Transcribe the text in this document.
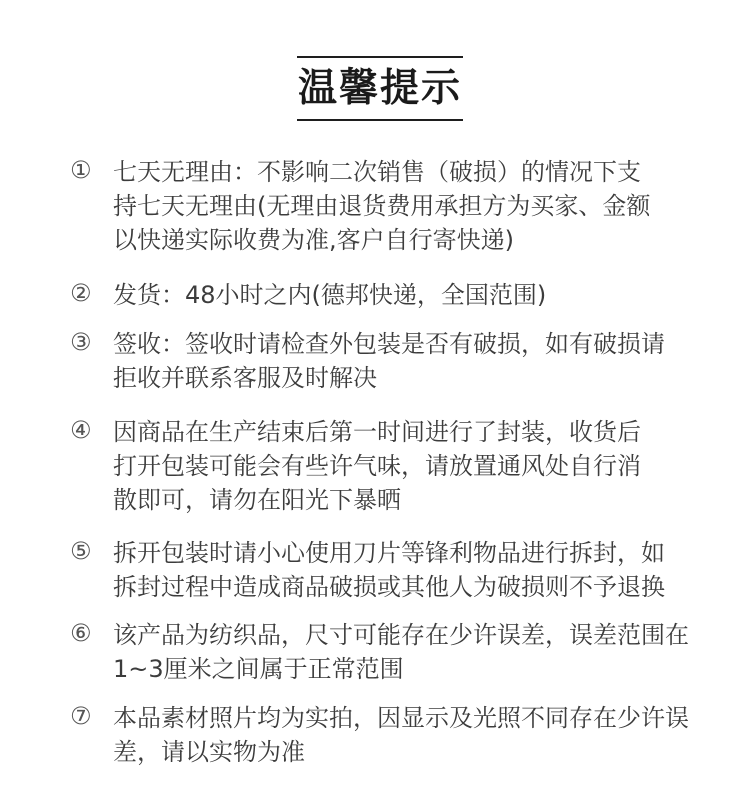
温馨提示
① 七天无理由：不影响二次销售（破损）的情况下支
持七天无理由(无理由退货费用承担方为买家、金额
以快递实际收费为准,客户自行寄快递)
② 发货：48小时之内(德邦快递，全国范围)
③ 签收：签收时请检查外包装是否有破损，如有破损请
拒收并联系客服及时解决
④ 因商品在生产结束后第一时间进行了封装，收货后
打开包装可能会有些许气味，请放置通风处自行消
散即可，请勿在阳光下暴晒
⑤ 拆开包装时请小心使用刀片等锋利物品进行拆封，如
拆封过程中造成商品破损或其他人为破损则不予退换
⑥ 该产品为纺织品，尺寸可能存在少许误差，误差范围在
1~3厘米之间属于正常范围
⑦ 本品素材照片均为实拍，因显示及光照不同存在少许误
差，请以实物为准
